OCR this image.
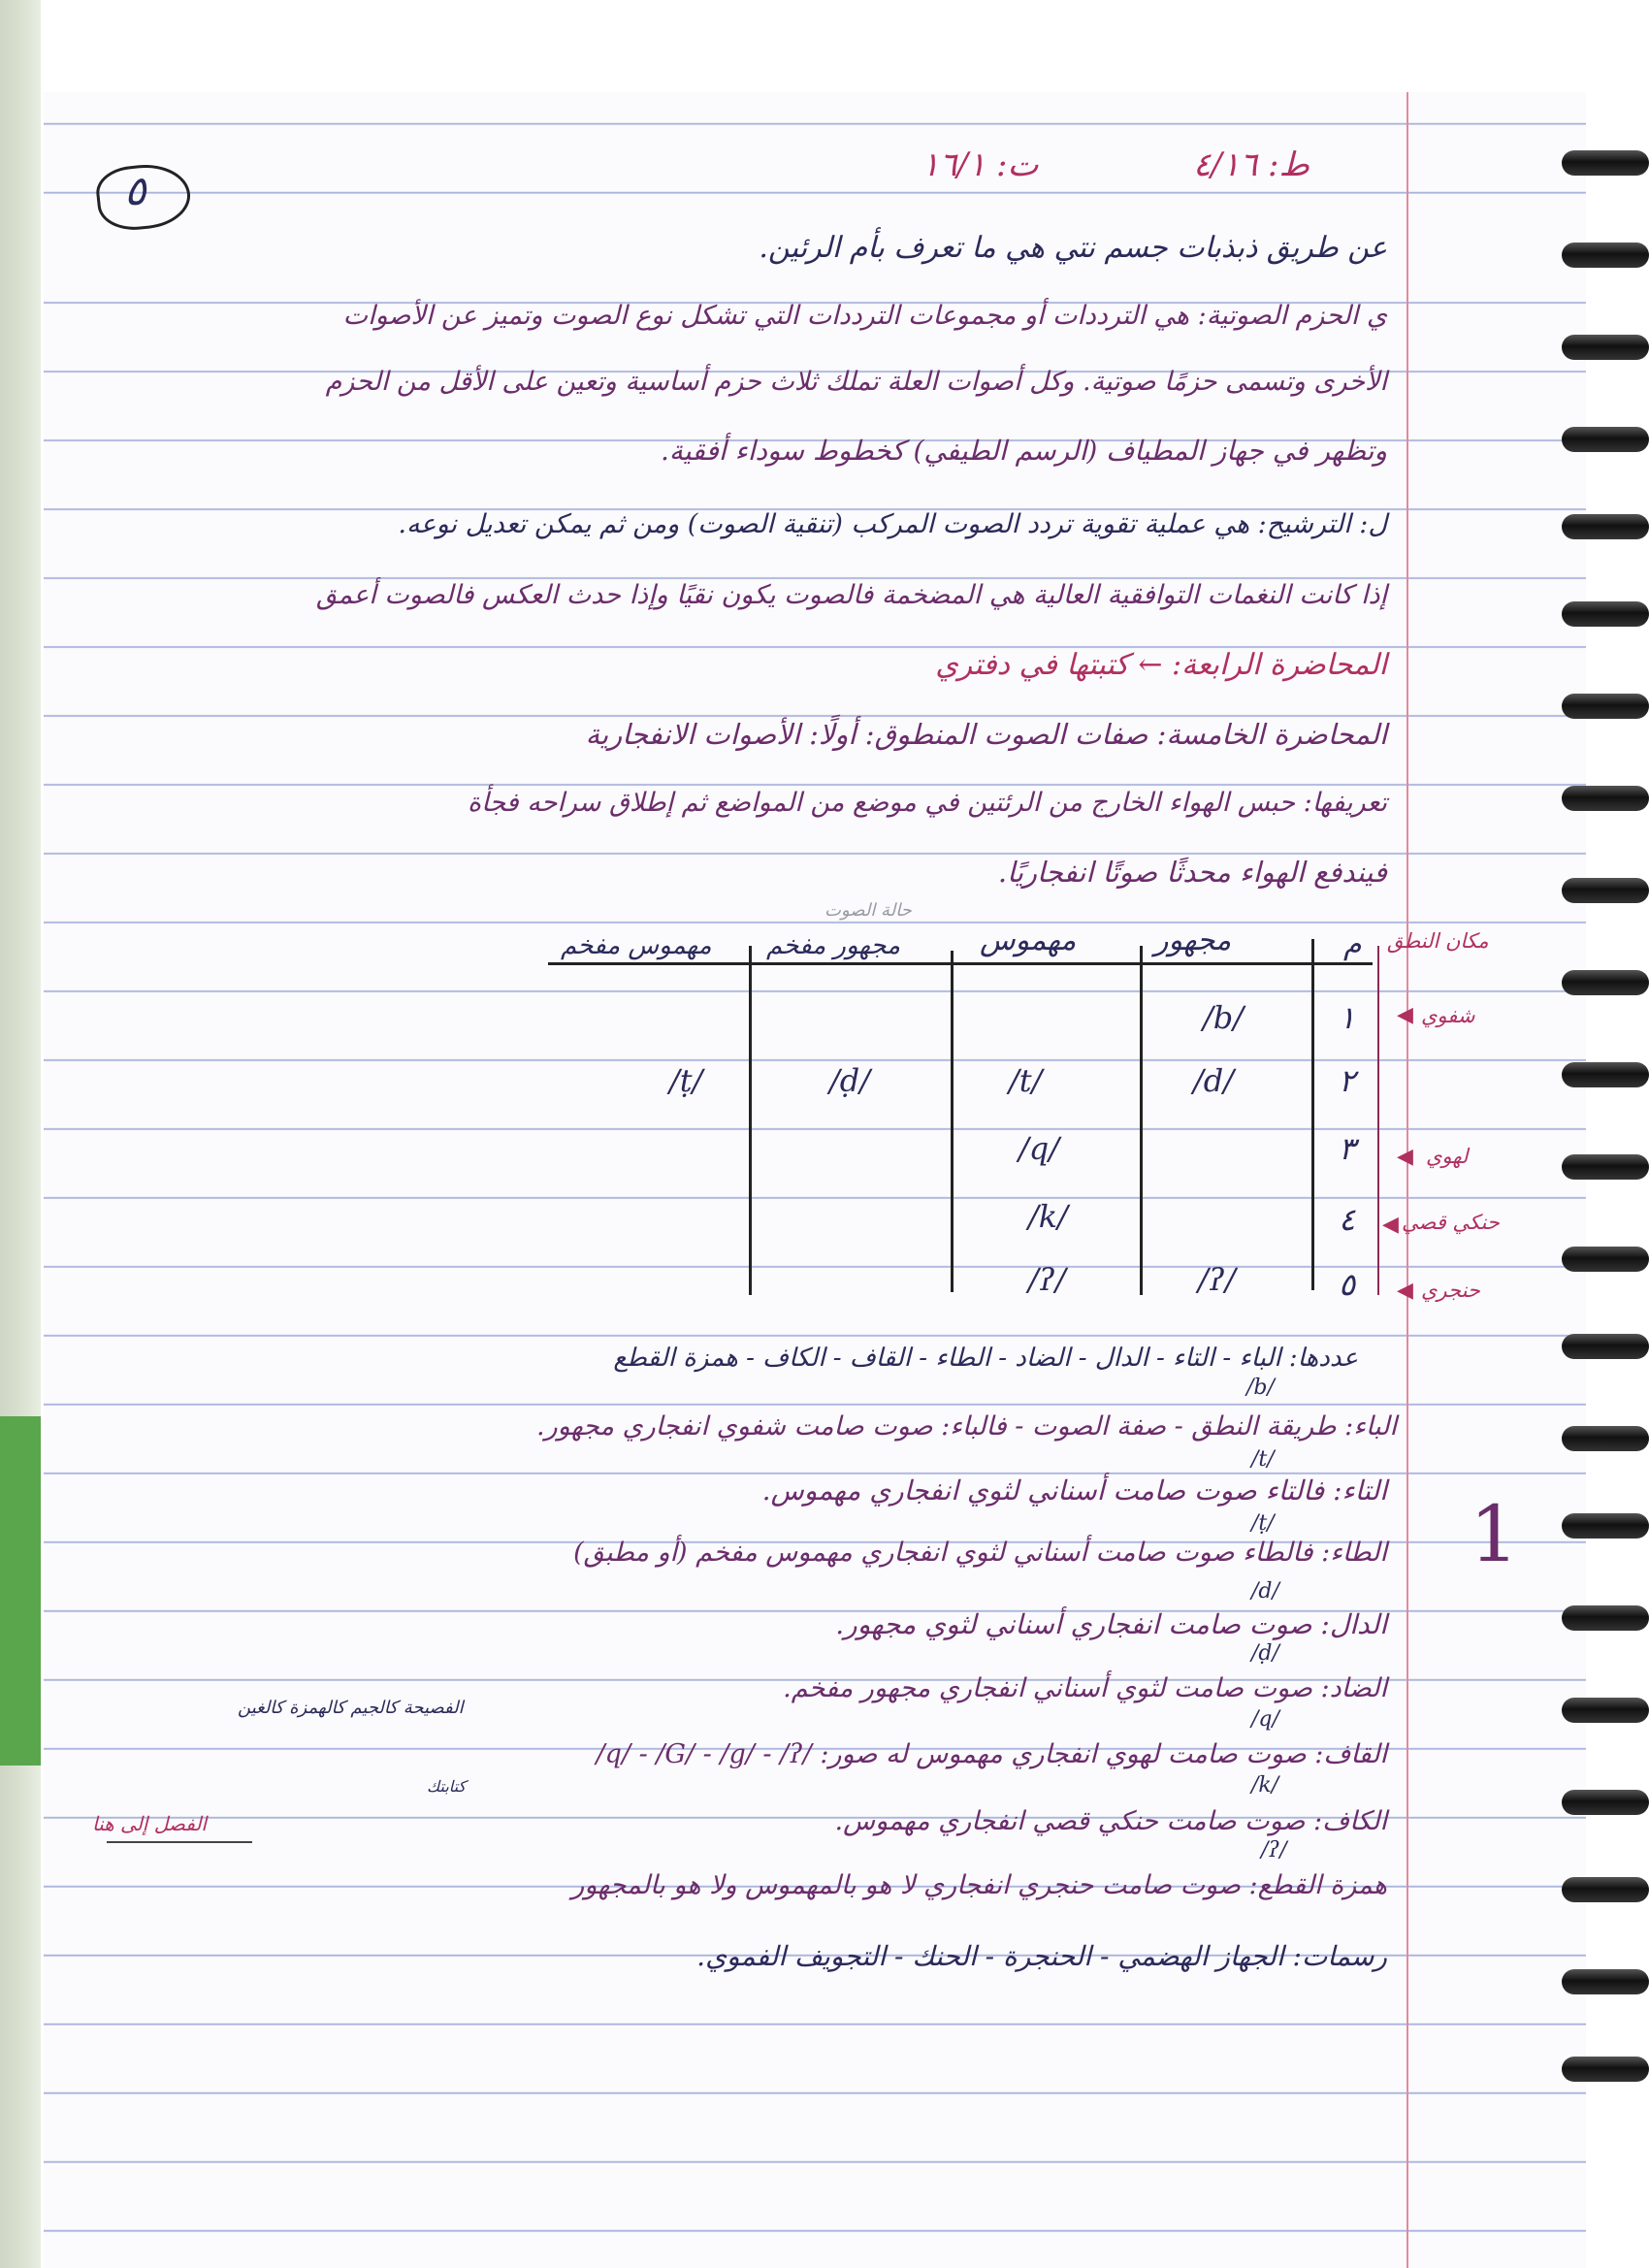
٥
ط: ٤/١٦
ت: ١٦/١
عن طريق ذبذبات جسم نتي هي ما تعرف بأم الرئين.
ي الحزم الصوتية: هي الترددات أو مجموعات الترددات التي تشكل نوع الصوت وتميز عن الأصوات
الأخرى وتسمى حزمًا صوتية. وكل أصوات العلة تملك ثلاث حزم أساسية وتعين على الأقل من الحزم
وتظهر في جهاز المطياف (الرسم الطيفي) كخطوط سوداء أفقية.
ل: الترشيح: هي عملية تقوية تردد الصوت المركب (تنقية الصوت) ومن ثم يمكن تعديل نوعه.
إذا كانت النغمات التوافقية العالية هي المضخمة فالصوت يكون نقيًا وإذا حدث العكس فالصوت أعمق
المحاضرة الرابعة: ← كتبتها في دفتري
المحاضرة الخامسة: صفات الصوت المنطوق: أولًا: الأصوات الانفجارية
تعريفها: حبس الهواء الخارج من الرئتين في موضع من المواضع ثم إطلاق سراحه فجأة
فيندفع الهواء محدثًا صوتًا انفجاريًا.
حالة الصوت
مكان النطق
م
مجهور
مهموس
مجهور مفخم
مهموس مفخم
١
٢
٣
٤
٥
شفوي
◀
لهوي
◀
حنكي قصي
◀
حنجري
◀
/b/
/d/
/t/
/ḍ/
/ṭ/
/q/
/k/
/ʔ/
/ʔ/
عددها: الباء - التاء - الدال - الضاد - الطاء - القاف - الكاف - همزة القطع
/b/
الباء: طريقة النطق - صفة الصوت - فالباء: صوت صامت شفوي انفجاري مجهور.
/t/
التاء: فالتاء صوت صامت أسناني لثوي انفجاري مهموس.
/ṭ/
الطاء: فالطاء صوت صامت أسناني لثوي انفجاري مهموس مفخم (أو مطبق)
/d/
الدال: صوت صامت انفجاري أسناني لثوي مجهور.
/ḍ/
الضاد: صوت صامت لثوي أسناني انفجاري مجهور مفخم.
/q/
الفصيحة كالجيم كالهمزة كالغين
القاف: صوت صامت لهوي انفجاري مهموس له صور: /q/ - /G/ - /g/ - /ʔ/
كتابتك	/k/
الكاف: صوت صامت حنكي قصي انفجاري مهموس.
الفصل إلى هنا
/ʔ/
همزة القطع: صوت صامت حنجري انفجاري لا هو بالمهموس ولا هو بالمجهور
رسمات: الجهاز الهضمي - الحنجرة - الحنك - التجويف الفموي.
1
